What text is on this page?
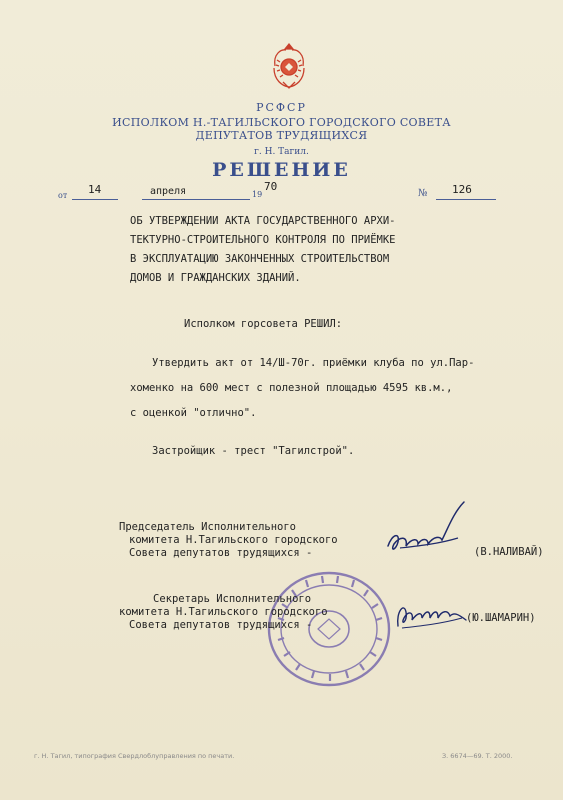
РСФСР
ИСПОЛКОМ Н.-ТАГИЛЬСКОГО ГОРОДСКОГО СОВЕТА
ДЕПУТАТОВ ТРУДЯЩИХСЯ
г. Н. Тагил.
РЕШЕНИЕ
от 14	апреля	19
70
№ 126
ОБ УТВЕРЖДЕНИИ АКТА ГОСУДАРСТВЕННОГО АРХИ-
ТЕКТУРНО-СТРОИТЕЛЬНОГО КОНТРОЛЯ ПО ПРИЁМКЕ
В ЭКСПЛУАТАЦИЮ ЗАКОНЧЕННЫХ СТРОИТЕЛЬСТВОМ
ДОМОВ И ГРАЖДАНСКИХ ЗДАНИЙ.
Исполком горсовета РЕШИЛ:
Утвердить акт от 14/Ш-70г. приёмки клуба по ул.Пар-
хоменко на 600 мест с полезной площадью 4595 кв.м.,
с оценкой "отлично".
Застройщик - трест "Тагилстрой".
Председатель Исполнительного
комитета Н.Тагильского городского
Совета депутатов трудящихся -	(В.НАЛИВАЙ)
Секретарь Исполнительного
комитета Н.Тагильского городского
Совета депутатов трудящихся -
(Ю.ШАМАРИН)
г. Н. Тагил, типография Свердлоблуправления по печати.	З. 6674—69. Т. 2000.
